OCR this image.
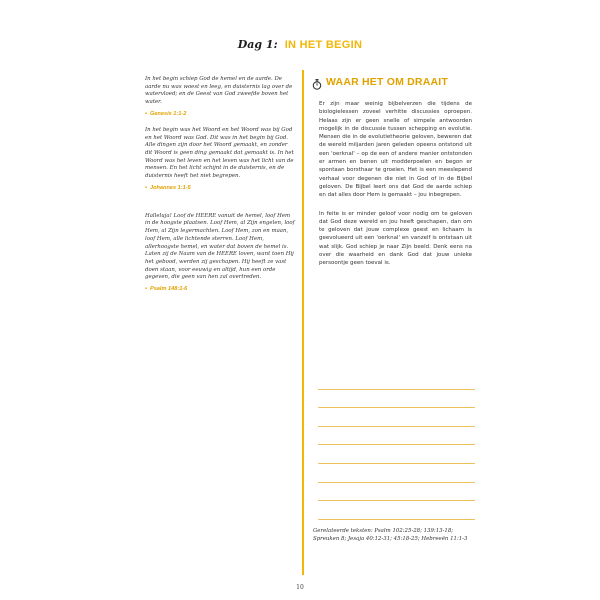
Dag 1: IN HET BEGIN
In het begin schiep God de hemel en de aarde. De aarde nu was woest en leeg, en duisternis lag over de watervloed; en de Geest van God zweefde boven het water.
• Genesis 1:1-2
In het begin was het Woord en het Woord was bij God en het Woord was God. Dit was in het begin bij God. Alle dingen zijn door het Woord gemaakt, en zonder dit Woord is geen ding gemaakt dat gemaakt is. In het Woord was het leven en het leven was het licht van de mensen. En het licht schijnt in de duisternis, en de duisternis heeft het niet begrepen.
• Johannes 1:1-5
Halleluja! Loof de HEERE vanuit de hemel, loof Hem in de hoogste plaatsen. Loof Hem, al Zijn engelen, loof Hem, al Zijn legermachten. Loof Hem, zon en maan, loof Hem, alle lichtende sterren. Loof Hem, allerhoogste hemel, en water dat boven de hemel is. Laten zij de Naam van de HEERE loven, want toen Hij het gebood, werden zij geschapen. Hij heeft ze vast doen staan, voor eeuwig en altijd, hun een orde gegeven, die geen van hen zal overtreden.
• Psalm 148:1-6
WAAR HET OM DRAAIT

Er zijn maar weinig bijbelverzen die tijdens de biologielessen zoveel verhitte discussies oproepen. Helaas zijn er geen snelle of simpele antwoorden mogelijk in de discussie tussen schepping en evolutie. Mensen die in de evolutietheorie geloven, beweren dat de wereld miljarden jaren geleden opeens ontstond uit een 'oerknal' – op de een of andere manier ontstonden er armen en benen uit modderpoelen en begon er spontaan borsthaar te groeien. Het is een meeslepend verhaal voor degenen die niet in God of in de Bijbel geloven. De Bijbel leert ons dat God de aarde schiep en dat alles door Hem is gemaakt – jou inbegrepen.

In feite is er minder geloof voor nodig om te geloven dat God deze wereld en jou heeft geschapen, dan om te geloven dat jouw complexe geest en lichaam is geevolueerd uit een 'oerknal' en vanzelf is ontstaan uit wat slijk. God schiep je naar Zijn beeld. Denk eens na over die waarheid en dank God dat jouw unieke persoontje geen toeval is.

Gerelateerde teksten: Psalm 102:25-28; 139:13-18; Spreuken 8; Jesaja 40:12-31; 45:18-25; Hebreeën 11:1-3
10
